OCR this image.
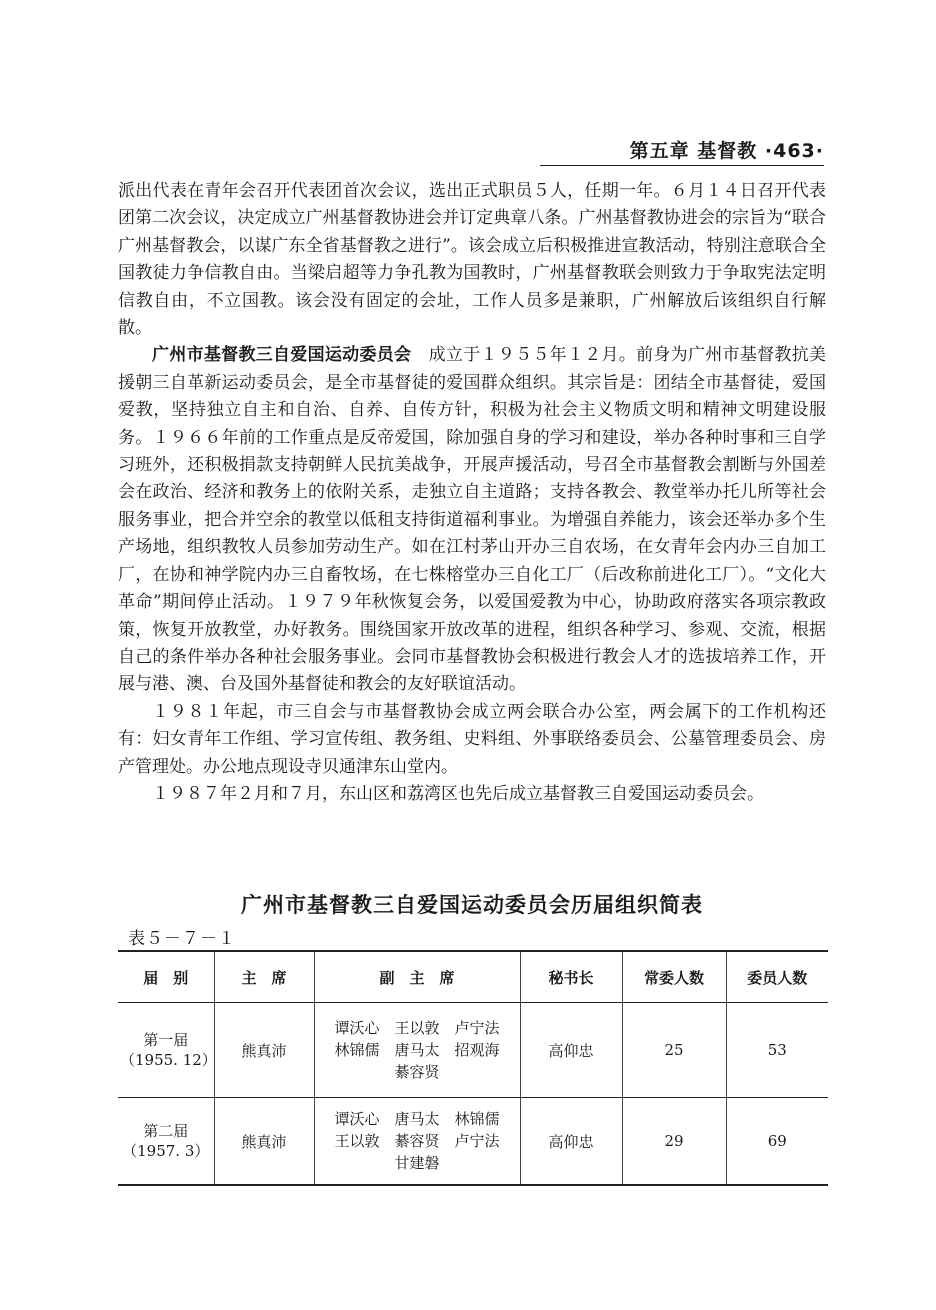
第五章 基督教 ·463·

派出代表在青年会召开代表团首次会议，选出正式职员５人，任期一年。６月１４日召开代表团第二次会议，决定成立广州基督教协进会并订定典章八条。广州基督教协进会的宗旨为“联合广州基督教会，以谋广东全省基督教之进行”。该会成立后积极推进宣教活动，特别注意联合全国教徒力争信教自由。当梁启超等力争孔教为国教时，广州基督教联会则致力于争取宪法定明信教自由，不立国教。该会没有固定的会址，工作人员多是兼职，广州解放后该组织自行解散。

广州市基督教三自爱国运动委员会　成立于１９５５年１２月。前身为广州市基督教抗美援朝三自革新运动委员会，是全市基督徒的爱国群众组织。其宗旨是：团结全市基督徒，爱国爱教，坚持独立自主和自治、自养、自传方针，积极为社会主义物质文明和精神文明建设服务。１９６６年前的工作重点是反帝爱国，除加强自身的学习和建设，举办各种时事和三自学习班外，还积极捐款支持朝鲜人民抗美战争，开展声援活动，号召全市基督教会割断与外国差会在政治、经济和教务上的依附关系，走独立自主道路；支持各教会、教堂举办托儿所等社会服务事业，把合并空余的教堂以低租支持街道福利事业。为增强自养能力，该会还举办多个生产场地，组织教牧人员参加劳动生产。如在江村茅山开办三自农场，在女青年会内办三自加工厂，在协和神学院内办三自畜牧场，在七株榕堂办三自化工厂（后改称前进化工厂）。“文化大革命”期间停止活动。１９７９年秋恢复会务，以爱国爱教为中心，协助政府落实各项宗教政策，恢复开放教堂，办好教务。围绕国家开放改革的进程，组织各种学习、参观、交流，根据自己的条件举办各种社会服务事业。会同市基督教协会积极进行教会人才的选拔培养工作，开展与港、澳、台及国外基督徒和教会的友好联谊活动。

１９８１年起，市三自会与市基督教协会成立两会联合办公室，两会属下的工作机构还有：妇女青年工作组、学习宣传组、教务组、史料组、外事联络委员会、公墓管理委员会、房产管理处。办公地点现设寺贝通津东山堂内。

１９８７年２月和７月，东山区和荔湾区也先后成立基督教三自爱国运动委员会。

广州市基督教三自爱国运动委员会历届组织简表
表５－７－１
届　别	主　席	副　主　席	秘书长	常委人数	委员人数

第一届
（1955. 12）	熊真沛	谭沃心　王以敦　卢宁法
林锦儒　唐马太　招观海
綦容贤	高仰忠	25	53

第二届
（1957. 3）	熊真沛	谭沃心　唐马太　林锦儒
王以敦　綦容贤　卢宁法
甘建磐	高仰忠	29	69
